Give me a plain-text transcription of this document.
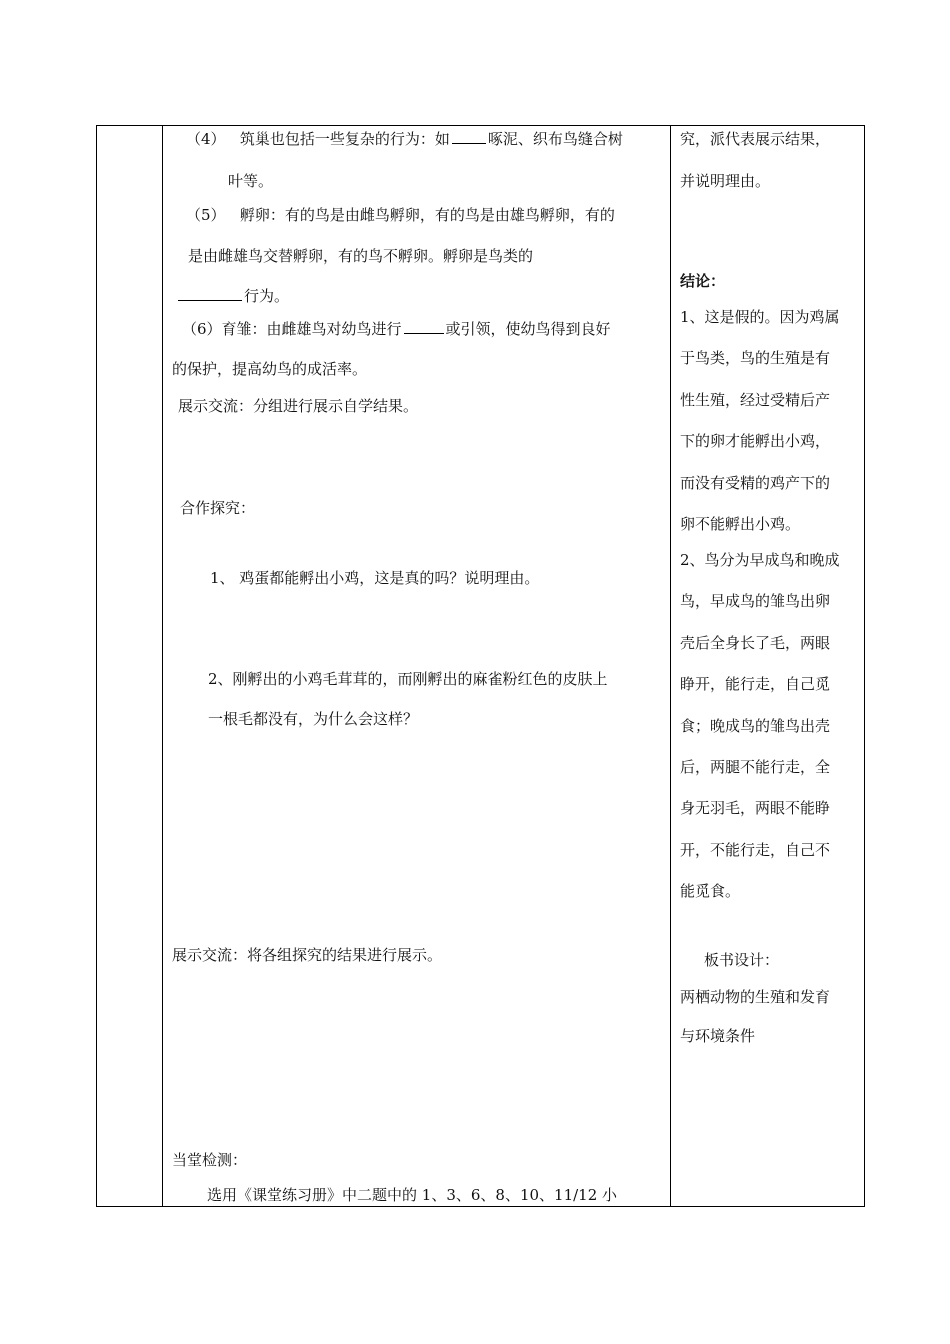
（4） 筑巢也包括一些复杂的行为：如	啄泥、织布鸟缝合树
叶等。
（5） 孵卵：有的鸟是由雌鸟孵卵，有的鸟是由雄鸟孵卵，有的
是由雌雄鸟交替孵卵，有的鸟不孵卵。孵卵是鸟类的
行为。
（6）育雏：由雌雄鸟对幼鸟进行	或引领，使幼鸟得到良好
的保护，提高幼鸟的成活率。
展示交流：分组进行展示自学结果。
合作探究：
1、 鸡蛋都能孵出小鸡，这是真的吗？说明理由。
2、刚孵出的小鸡毛茸茸的，而刚孵出的麻雀粉红色的皮肤上
一根毛都没有，为什么会这样？
展示交流：将各组探究的结果进行展示。
当堂检测：
选用《课堂练习册》中二题中的 1、3、6、8、10、11/12 小
究，派代表展示结果，
并说明理由。
结论：
1、这是假的。因为鸡属
于鸟类，鸟的生殖是有
性生殖，经过受精后产
下的卵才能孵出小鸡，
而没有受精的鸡产下的
卵不能孵出小鸡。
2、鸟分为早成鸟和晚成
鸟，早成鸟的雏鸟出卵
壳后全身长了毛，两眼
睁开，能行走，自己觅
食；晚成鸟的雏鸟出壳
后，两腿不能行走，全
身无羽毛，两眼不能睁
开，不能行走，自己不
能觅食。
板书设计：
两栖动物的生殖和发育
与环境条件
